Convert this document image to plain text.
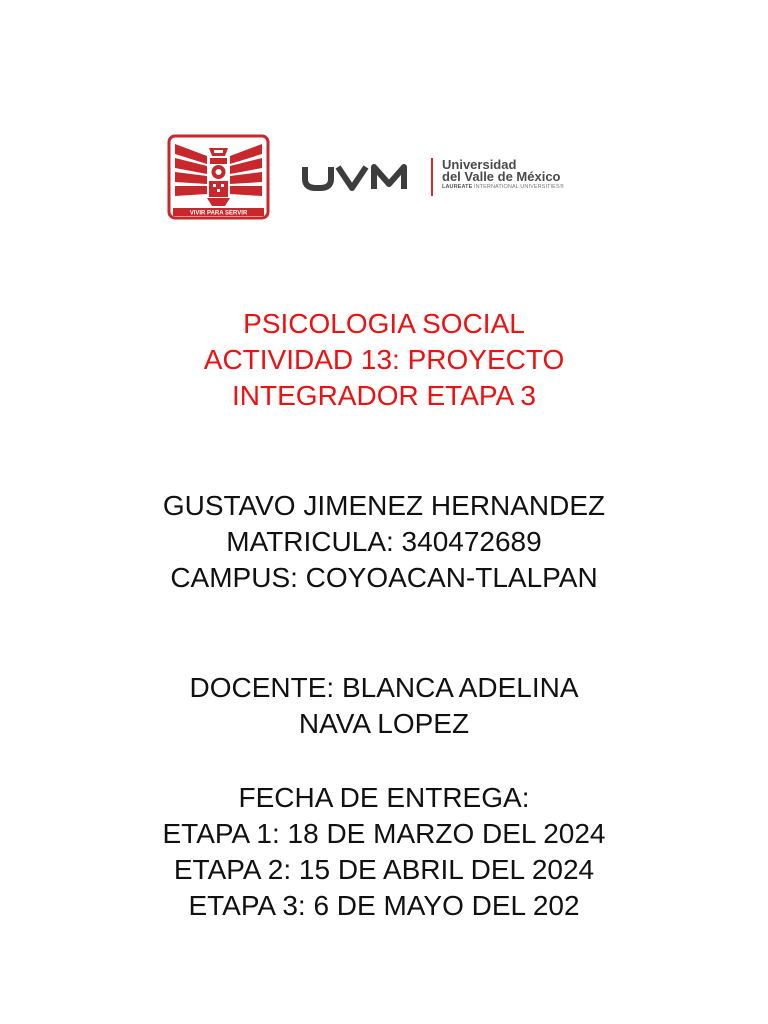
VIVIR PARA SERVIR
Universidad
del Valle de México
LAUREATE INTERNATIONAL UNIVERSITIES®

PSICOLOGIA SOCIAL

ACTIVIDAD 13: PROYECTO

INTEGRADOR ETAPA 3

GUSTAVO JIMENEZ HERNANDEZ

MATRICULA: 340472689

CAMPUS: COYOACAN-TLALPAN

DOCENTE: BLANCA ADELINA

NAVA LOPEZ

FECHA DE ENTREGA:

ETAPA 1: 18 DE MARZO DEL 2024

ETAPA 2: 15 DE ABRIL DEL 2024

ETAPA 3: 6 DE MAYO DEL 202
